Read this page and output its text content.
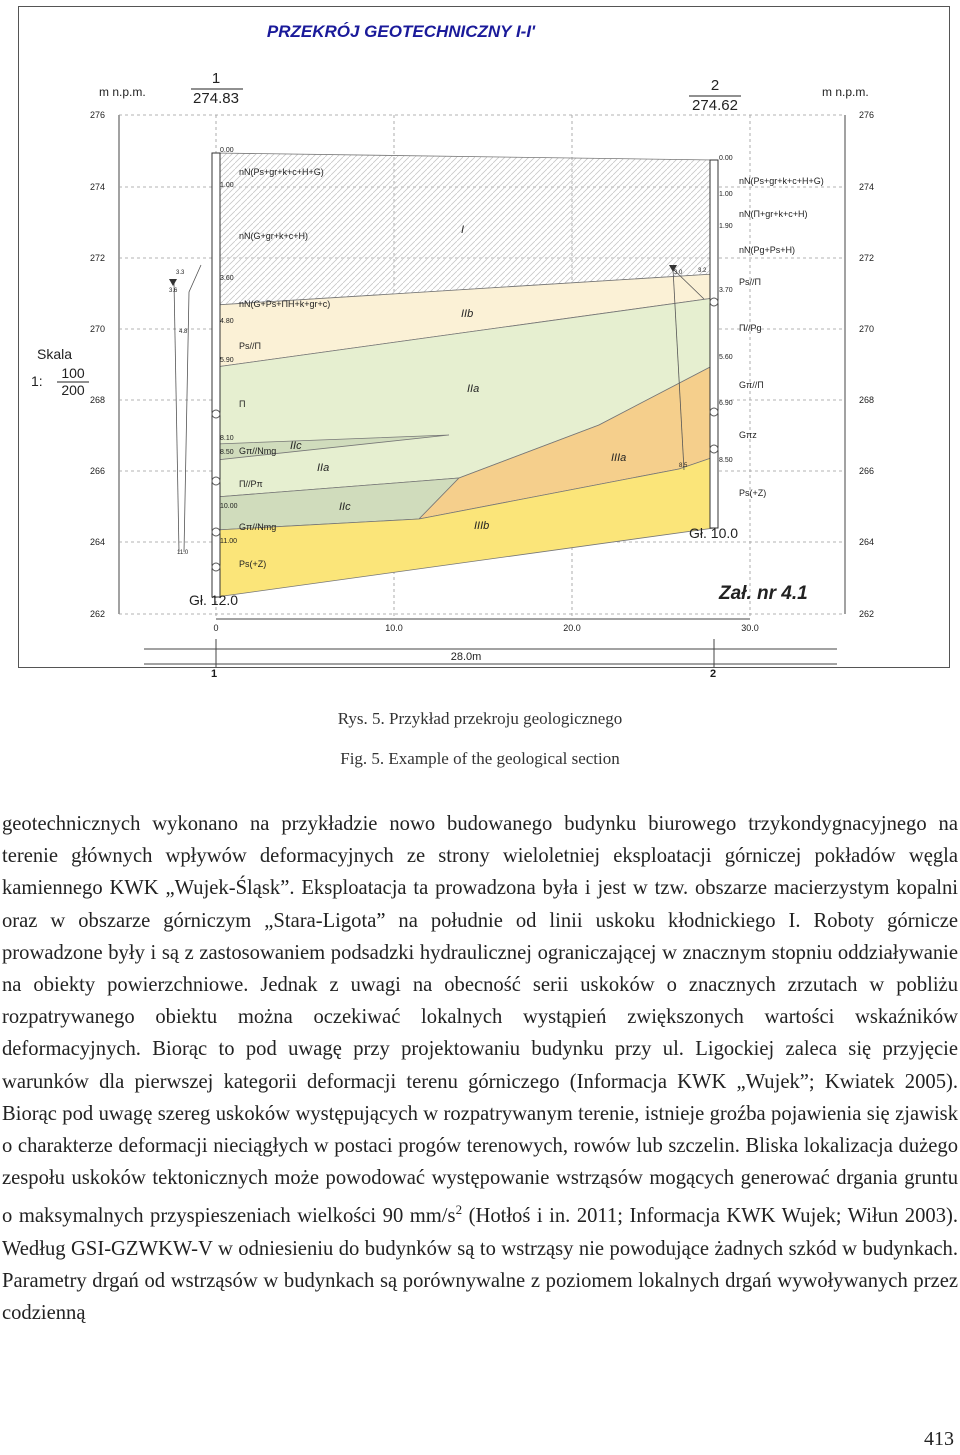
PRZEKRÓJ GEOTECHNICZNY I-I'
m n.p.m.	m n.p.m.
1
274.83
2
274.62
276	276
274	274
272	272
270	270
268	268
266	266
264	264
262	262
0.00
1.00
3.60
4.80
5.90
8.10
8.50
10.00
11.00
0.00
1.00
1.90
3.70
5.60
6.90
8.50
nN(Ps+gr+k+c+H+G)
nN(G+gr+k+c+H)
nN(G+Ps+ΠH+k+gr+c)
Ps//Π
Π
Gπ//Nmg
Π//Pπ
Gπ//Nmg
Ps(+Z)
nN(Ps+gr+k+c+H+G)
nN(Π+gr+k+c+H)
nN(Pg+Ps+H)
Ps//Π
Π//Pg
Gπ//Π
Gπz
Ps(+Z)
I
IIb
IIa
IIc
IIa
IIc
IIIa
IIIb
3.3
3.6
4.8
11.0
3.0	3.2
8.5
Gł. 12.0
Gł. 10.0
Skala
1: 100
200
Zał. nr 4.1
0	10.0	20.0	30.0
28.0m
1	2
Rys. 5. Przykład przekroju geologicznego
Fig. 5. Example of the geological section

geotechnicznych wykonano na przykładzie nowo budowanego budynku biurowego trzykondygnacyjnego na terenie głównych wpływów deformacyjnych ze strony wieloletniej eksploatacji górniczej pokładów węgla kamiennego KWK „Wujek-Śląsk”. Eksploatacja ta prowadzona była i jest w tzw. obszarze macierzystym kopalni oraz w obszarze górniczym „Stara-Ligota” na południe od linii uskoku kłodnickiego I. Roboty górnicze prowadzone były i są z zastosowaniem podsadzki hydraulicznej ograniczającej w znacznym stopniu oddziaływanie na obiekty powierzchniowe. Jednak z uwagi na obecność serii uskoków o znacznych zrzutach w pobliżu rozpatrywanego obiektu można oczekiwać lokalnych wystąpień zwiększonych wartości wskaźników deformacyjnych. Biorąc to pod uwagę przy projektowaniu budynku przy ul. Ligockiej zaleca się przyjęcie warunków dla pierwszej kategorii deformacji terenu górniczego (Informacja KWK „Wujek”; Kwiatek 2005). Biorąc pod uwagę szereg uskoków występujących w rozpatrywanym terenie, istnieje groźba pojawienia się zjawisk o charakterze deformacji nieciągłych w postaci progów terenowych, rowów lub szczelin. Bliska lokalizacja dużego zespołu uskoków tektonicznych może powodować występowanie wstrząsów mogących generować drgania gruntu o maksymalnych przyspieszeniach wielkości 90 $mm/s^2$ (Hotłoś i in. 2011; Informacja KWK Wujek; Wiłun 2003). Według GSI-GZWKW-V w odniesieniu do budynków są to wstrząsy nie powodujące żadnych szkód w budynkach. Parametry drgań od wstrząsów w budynkach są porównywalne z poziomem lokalnych drgań wywoływanych przez codzienną

413
